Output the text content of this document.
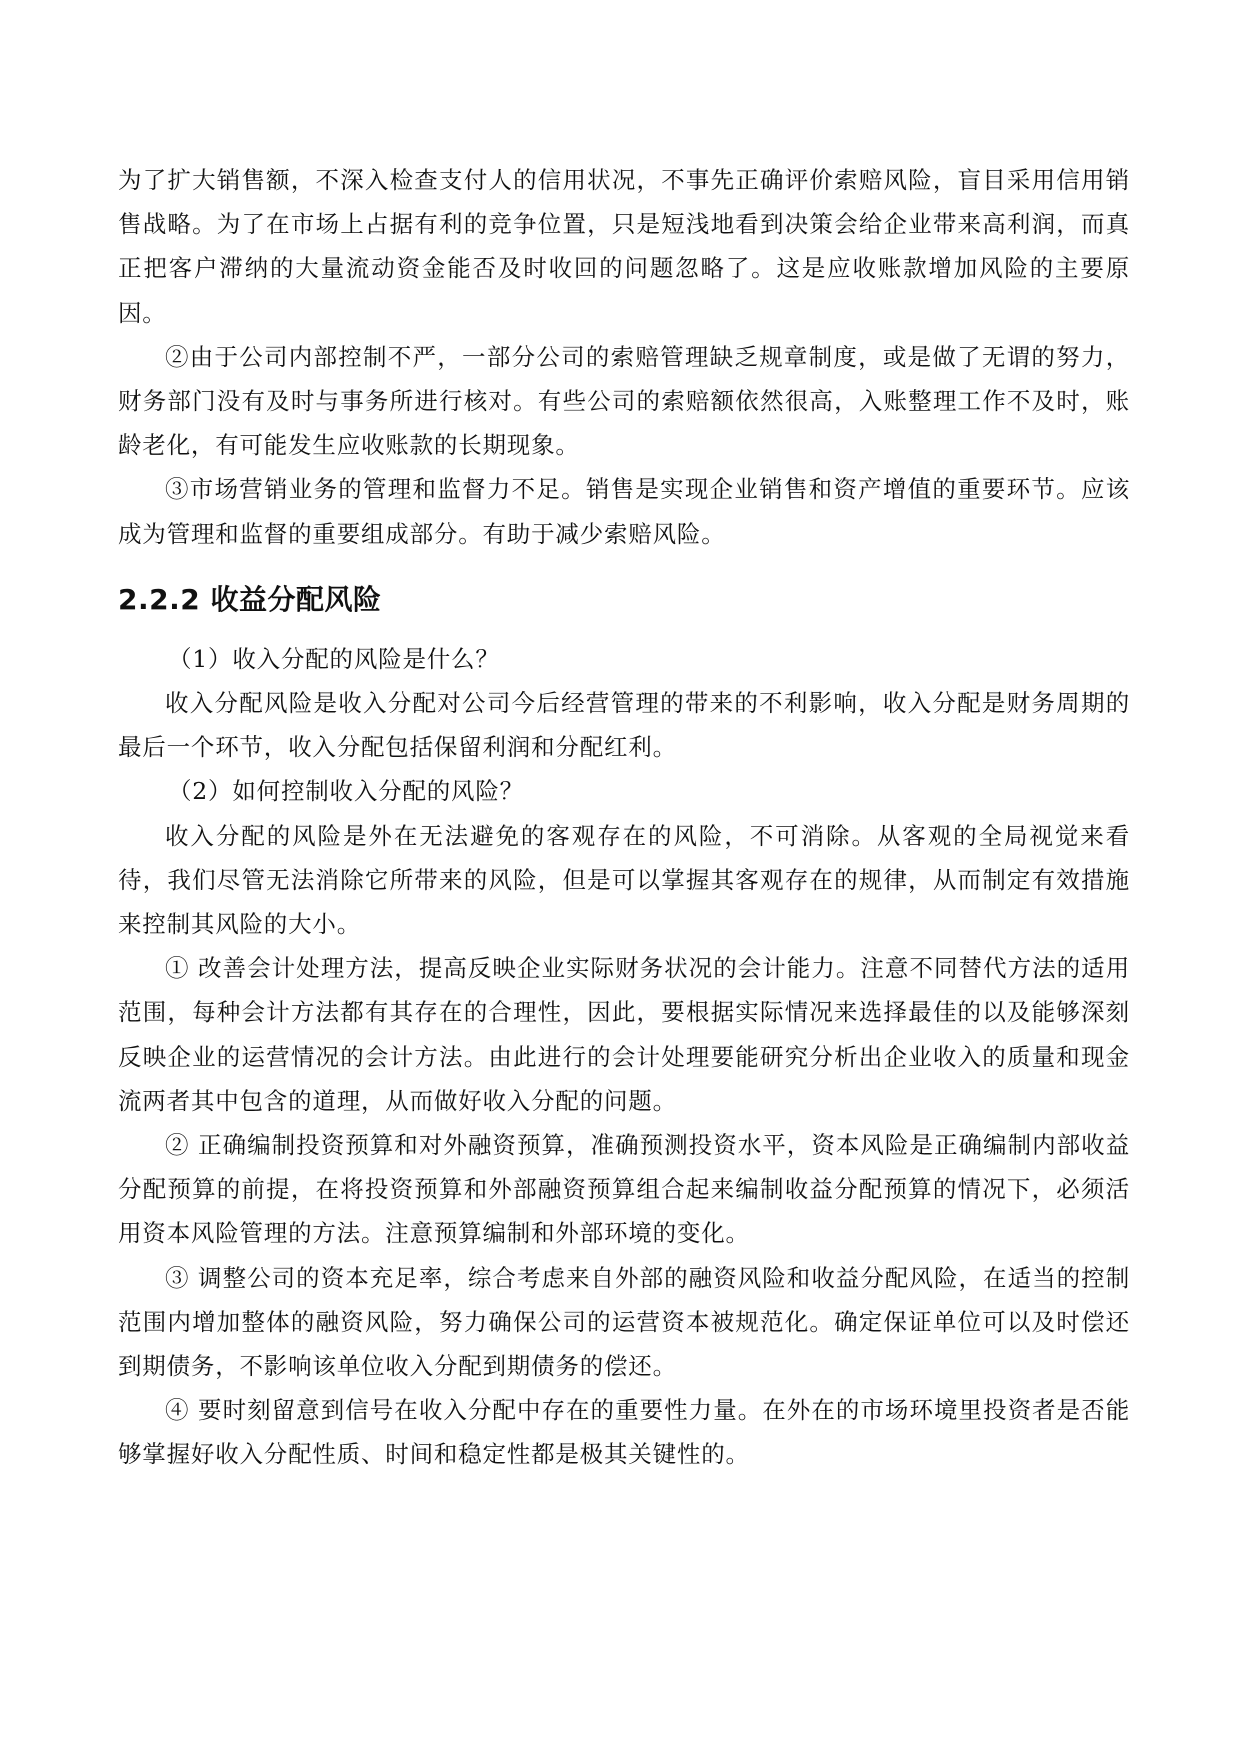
为了扩大销售额，不深入检查支付人的信用状况，不事先正确评价索赔风险，盲目采用信用销售战略。为了在市场上占据有利的竞争位置，只是短浅地看到决策会给企业带来高利润，而真正把客户滞纳的大量流动资金能否及时收回的问题忽略了。这是应收账款增加风险的主要原因。

②由于公司内部控制不严，一部分公司的索赔管理缺乏规章制度，或是做了无谓的努力，财务部门没有及时与事务所进行核对。有些公司的索赔额依然很高，入账整理工作不及时，账龄老化，有可能发生应收账款的长期现象。

③市场营销业务的管理和监督力不足。销售是实现企业销售和资产增值的重要环节。应该成为管理和监督的重要组成部分。有助于减少索赔风险。

2.2.2 收益分配风险

（1）收入分配的风险是什么？

收入分配风险是收入分配对公司今后经营管理的带来的不利影响，收入分配是财务周期的最后一个环节，收入分配包括保留利润和分配红利。

（2）如何控制收入分配的风险？

收入分配的风险是外在无法避免的客观存在的风险，不可消除。从客观的全局视觉来看待，我们尽管无法消除它所带来的风险，但是可以掌握其客观存在的规律，从而制定有效措施来控制其风险的大小。

① 改善会计处理方法，提高反映企业实际财务状况的会计能力。注意不同替代方法的适用范围，每种会计方法都有其存在的合理性，因此，要根据实际情况来选择最佳的以及能够深刻反映企业的运营情况的会计方法。由此进行的会计处理要能研究分析出企业收入的质量和现金流两者其中包含的道理，从而做好收入分配的问题。

② 正确编制投资预算和对外融资预算，准确预测投资水平，资本风险是正确编制内部收益分配预算的前提，在将投资预算和外部融资预算组合起来编制收益分配预算的情况下，必须活用资本风险管理的方法。注意预算编制和外部环境的变化。

③ 调整公司的资本充足率，综合考虑来自外部的融资风险和收益分配风险，在适当的控制范围内增加整体的融资风险，努力确保公司的运营资本被规范化。确定保证单位可以及时偿还到期债务，不影响该单位收入分配到期债务的偿还。

④ 要时刻留意到信号在收入分配中存在的重要性力量。在外在的市场环境里投资者是否能够掌握好收入分配性质、时间和稳定性都是极其关键性的。
